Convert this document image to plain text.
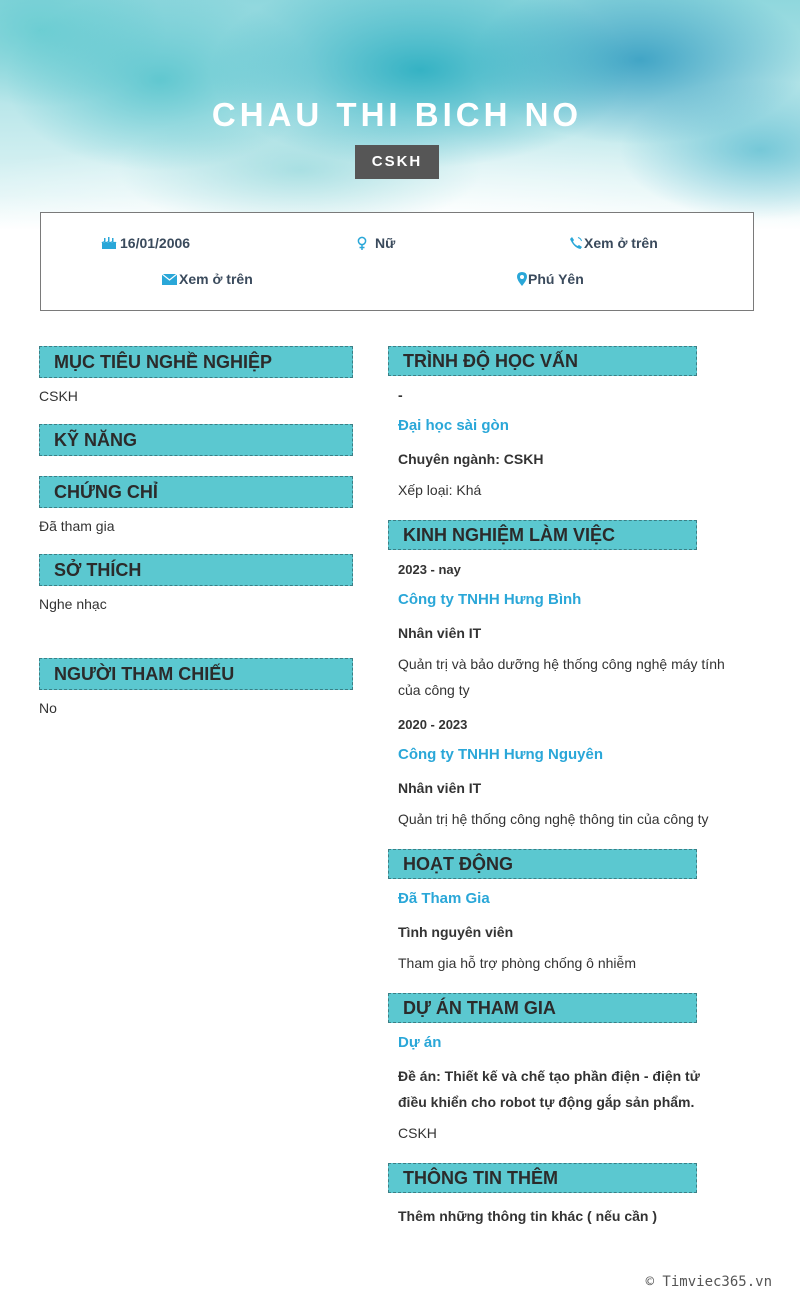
CHAU THI BICH NO
CSKH
16/01/2006	Nữ	Xem ở trên
Xem ở trên	Phú Yên
MỤC TIÊU NGHỀ NGHIỆP
CSKH
KỸ NĂNG
CHỨNG CHỈ
Đã tham gia
SỞ THÍCH
Nghe nhạc
NGƯỜI THAM CHIẾU
No
TRÌNH ĐỘ HỌC VẤN
-
Đại học sài gòn
Chuyên ngành: CSKH
Xếp loại: Khá
KINH NGHIỆM LÀM VIỆC
2023 - nay
Công ty TNHH Hưng Bình
Nhân viên IT
Quản trị và bảo dưỡng hệ thống công nghệ máy tính của công ty
2020 - 2023
Công ty TNHH Hưng Nguyên
Nhân viên IT
Quản trị hệ thống công nghệ thông tin của công ty
HOẠT ĐỘNG
Đã Tham Gia
Tình nguyên viên
Tham gia hỗ trợ phòng chống ô nhiễm
DỰ ÁN THAM GIA
Dự án
Đề án: Thiết kế và chế tạo phần điện - điện tử điều khiển cho robot tự động gắp sản phẩm.
CSKH
THÔNG TIN THÊM
Thêm những thông tin khác ( nếu cần )
© Timviec365.vn
